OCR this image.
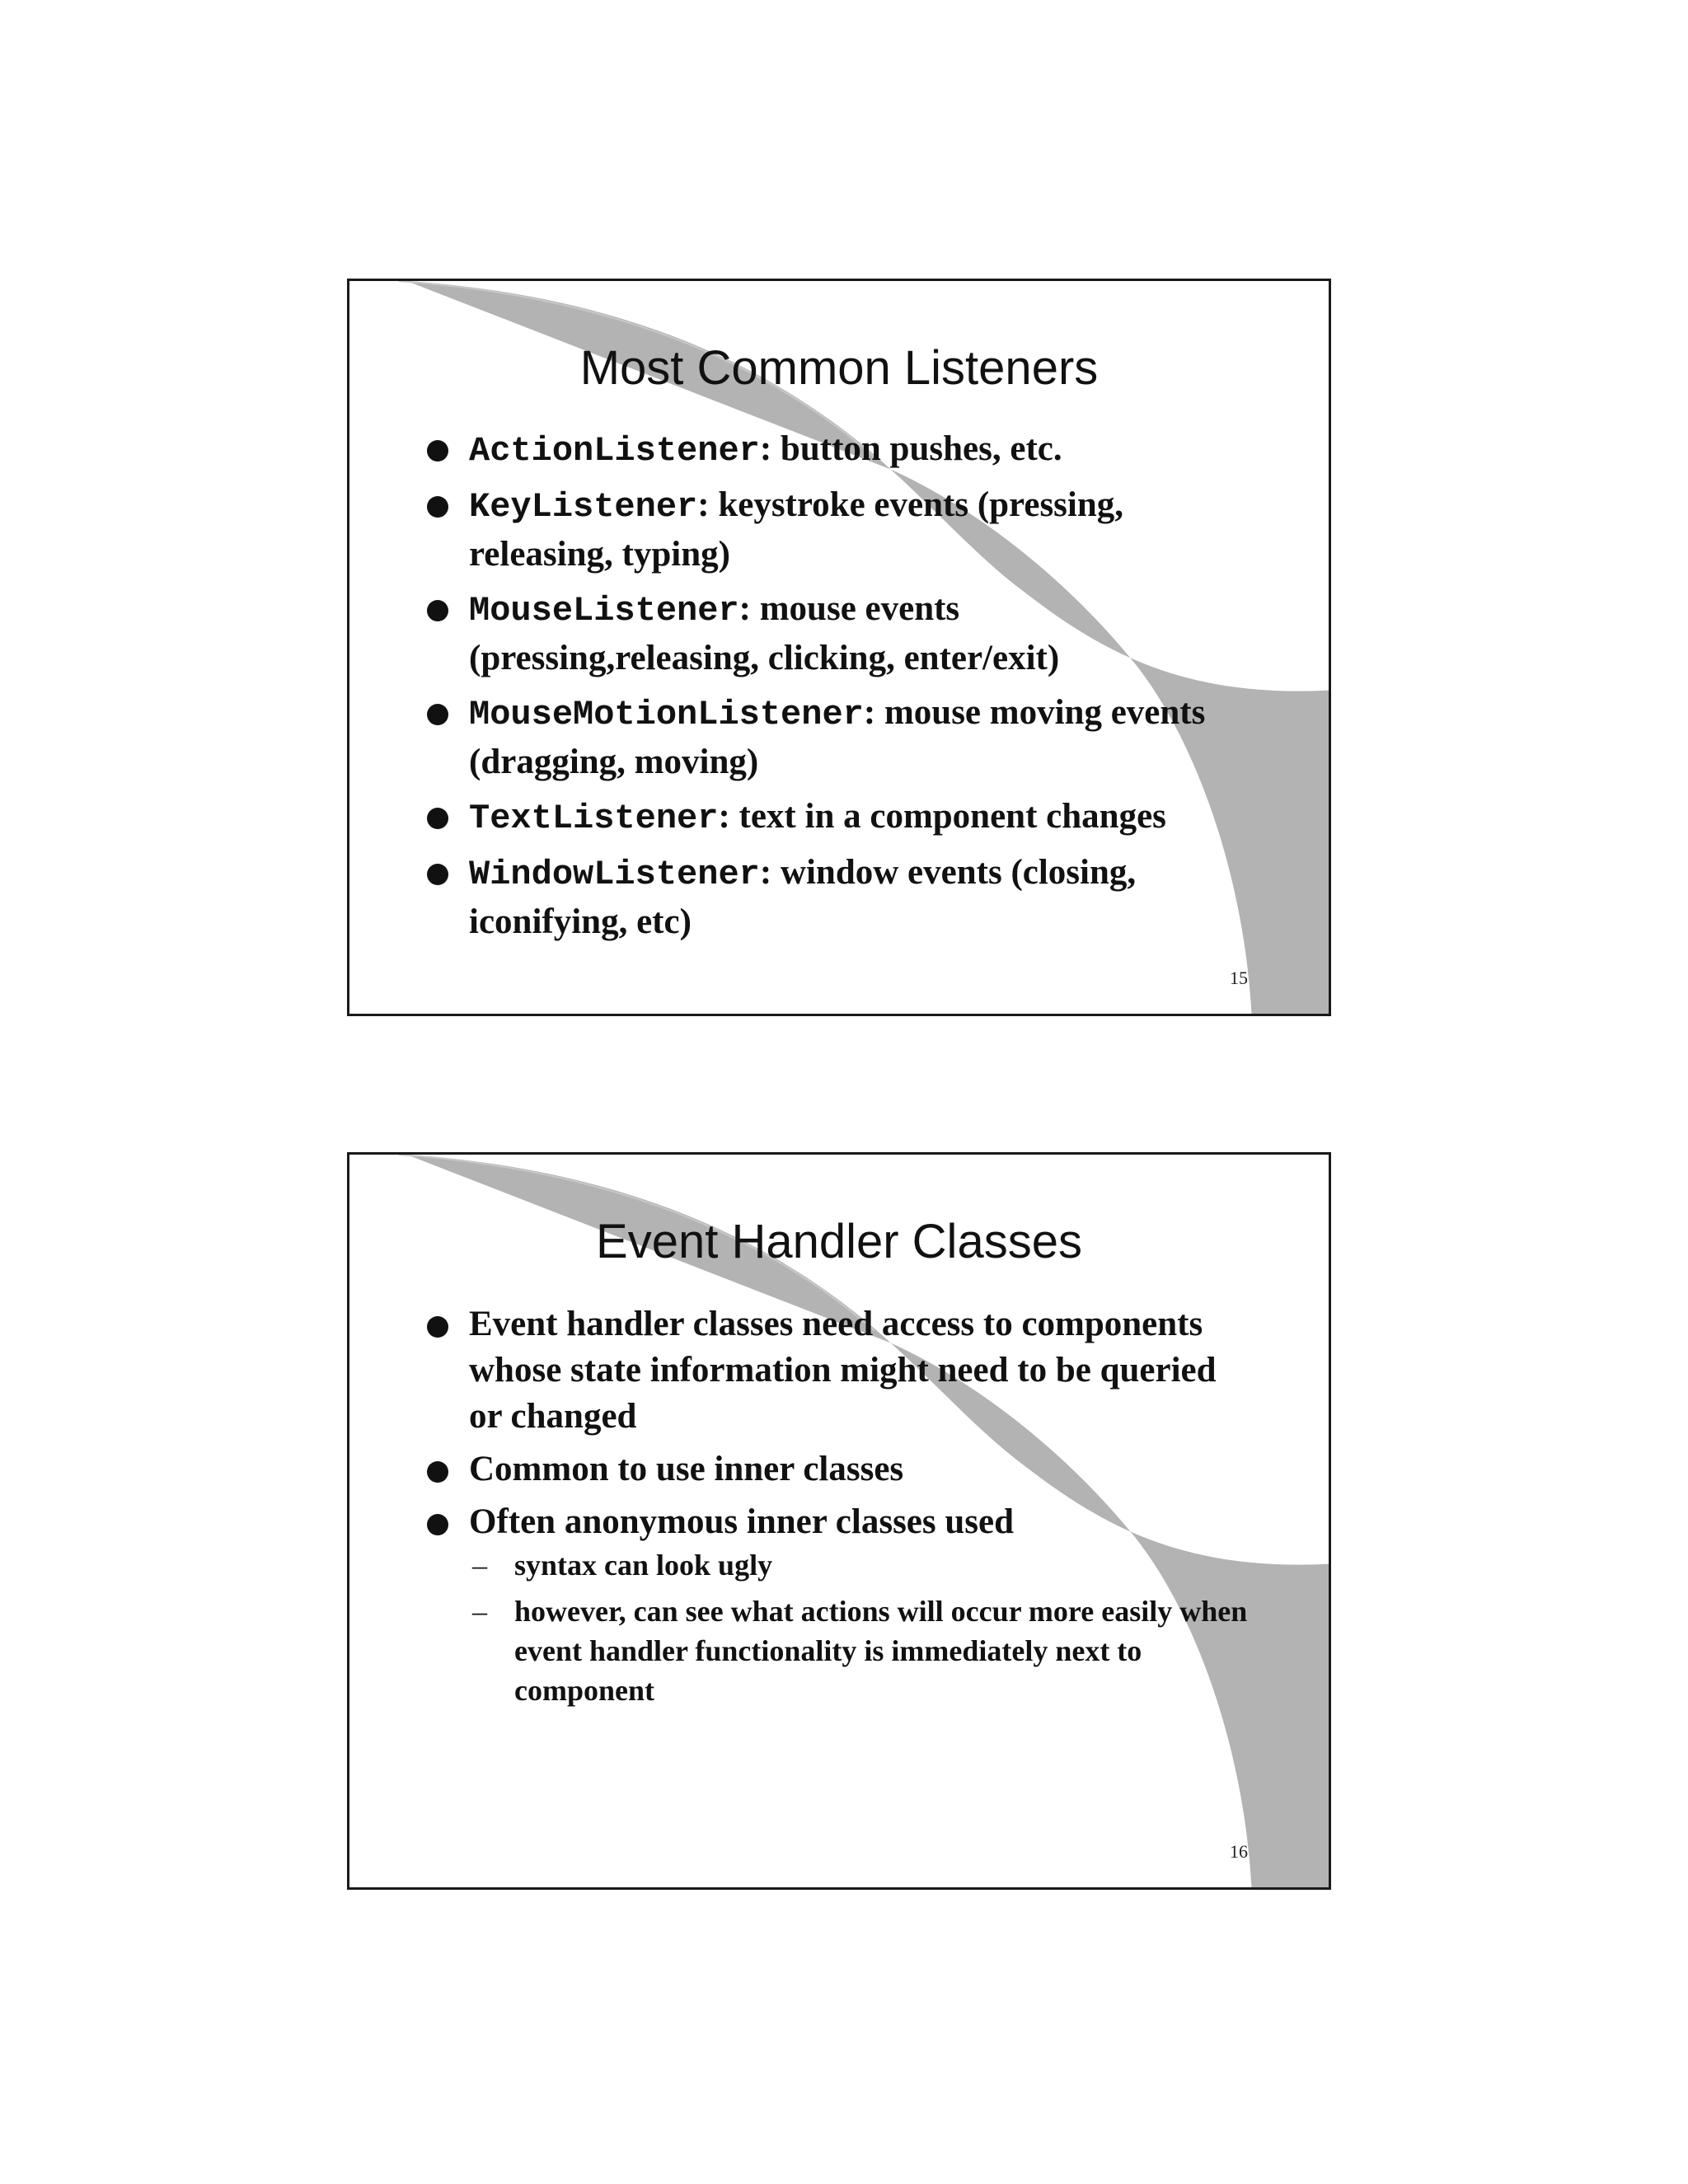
Most Common Listeners
ActionListener: button pushes, etc.
KeyListener: keystroke events (pressing, releasing, typing)
MouseListener: mouse events (pressing,releasing, clicking, enter/exit)
MouseMotionListener: mouse moving events (dragging, moving)
TextListener: text in a component changes
WindowListener: window events (closing, iconifying, etc)
15
Event Handler Classes
Event handler classes need access to components whose state information might need to be queried or changed
Common to use inner classes
Often anonymous inner classes used
– syntax can look ugly
– however, can see what actions will occur more easily when event handler functionality is immediately next to component
16
